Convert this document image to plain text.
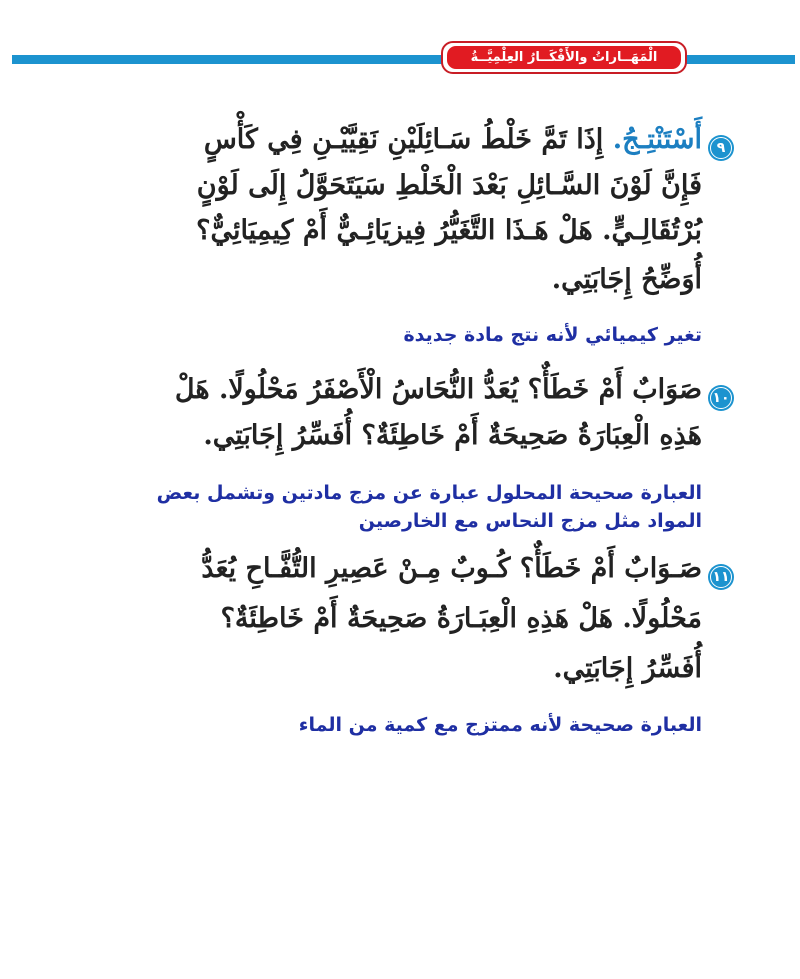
الْمَهَــاراتُ والأَفْكَــارُ العِلْمِيَّــةُ
٩
أَسْتَنْتِـجُ. إِذَا تَمَّ خَلْطُ سَـائِلَيْنِ نَقِيَّيْـنِ فِي كَأْسٍ
فَإِنَّ لَوْنَ السَّـائِلِ بَعْدَ الْخَلْطِ سَيَتَحَوَّلُ إِلَى لَوْنٍ
بُرْتُقَالِـيٍّ. هَلْ هَـذَا التَّغَيُّرُ فِيزيَائِـيٌّ أَمْ كِيمِيَائِيٌّ؟
أُوَضِّحُ إِجَابَتِي.
تغير كيميائي لأنه نتج مادة جديدة
١٠
صَوَابٌ أَمْ خَطَأٌ؟ يُعَدُّ النُّحَاسُ الْأَصْفَرُ مَحْلُولًا. هَلْ
هَذِهِ الْعِبَارَةُ صَحِيحَةٌ أَمْ خَاطِئَةٌ؟ أُفَسِّرُ إِجَابَتِي.
العبارة صحيحة المحلول عبارة عن مزج مادتين وتشمل بعض
المواد مثل مزج النحاس مع الخارصين
١١
صَـوَابٌ أَمْ خَطَأٌ؟ كُـوبٌ مِـنْ عَصِيرِ التُّفَّـاحِ يُعَدُّ
مَحْلُولًا. هَلْ هَذِهِ الْعِبَـارَةُ صَحِيحَةٌ أَمْ خَاطِئَةٌ؟
أُفَسِّرُ إِجَابَتِي.
العبارة صحيحة لأنه ممتزج مع كمية من الماء
